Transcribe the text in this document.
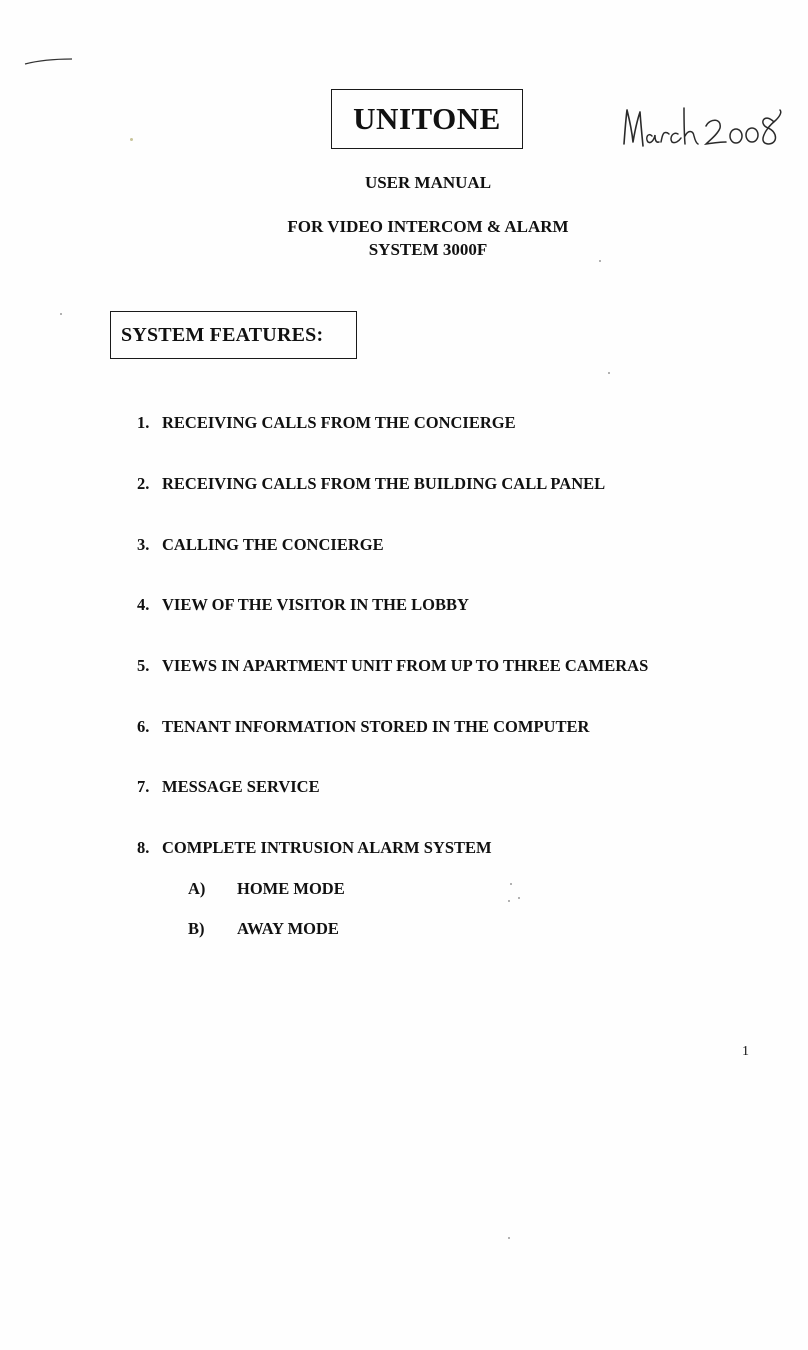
UNITONE
USER MANUAL
FOR VIDEO INTERCOM & ALARM
SYSTEM 3000F
SYSTEM FEATURES:
1. RECEIVING CALLS FROM THE CONCIERGE
2. RECEIVING CALLS FROM THE BUILDING CALL PANEL
3. CALLING THE CONCIERGE
4. VIEW OF THE VISITOR IN THE LOBBY
5. VIEWS IN APARTMENT UNIT FROM UP TO THREE CAMERAS
6. TENANT INFORMATION STORED IN THE COMPUTER
7. MESSAGE SERVICE
8. COMPLETE INTRUSION ALARM SYSTEM
A) HOME MODE
B) AWAY MODE
1
